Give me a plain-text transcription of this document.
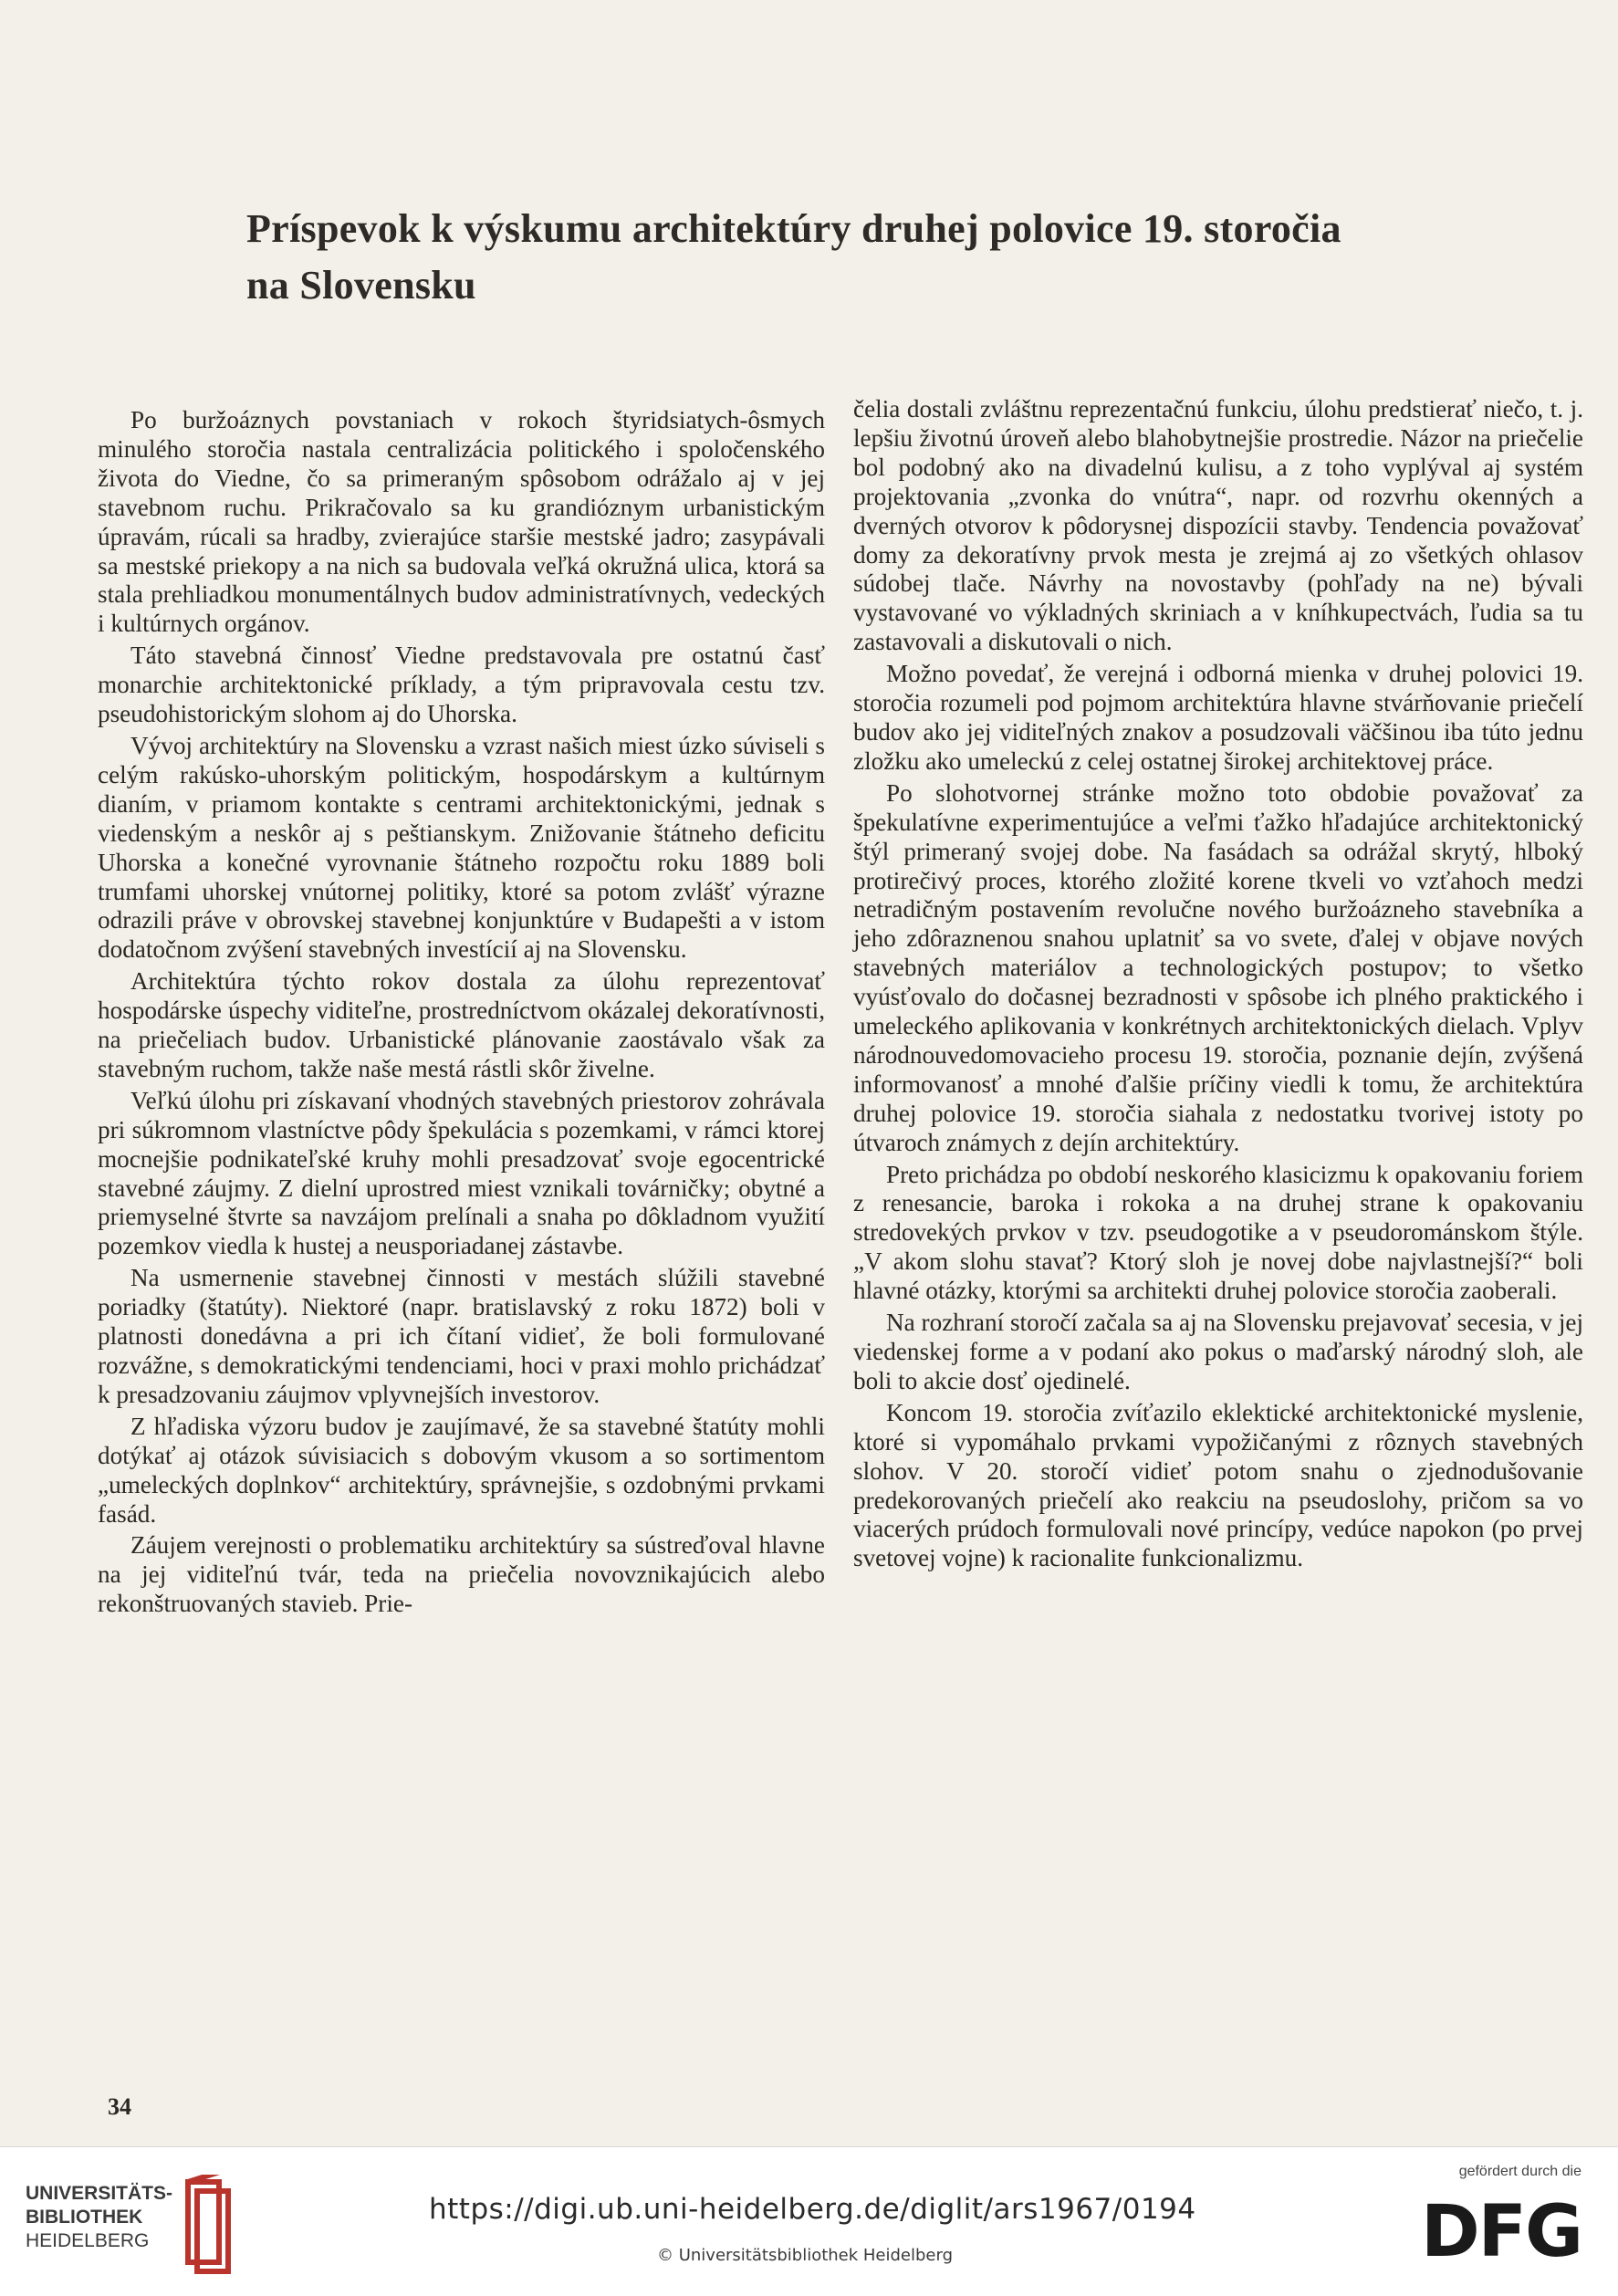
Príspevok k výskumu architektúry druhej polovice 19. storočia
na Slovensku

Po buržoáznych povstaniach v rokoch štyridsiatych-ôsmych minulého storočia nastala centralizácia politického i spoločenského života do Viedne, čo sa primeraným spôsobom odrážalo aj v jej stavebnom ruchu. Prikračovalo sa ku grandióznym urbanistickým úpravám, rúcali sa hradby, zvierajúce staršie mestské jadro; zasypávali sa mestské priekopy a na nich sa budovala veľká okružná ulica, ktorá sa stala prehliadkou monumentálnych budov administratívnych, vedeckých i kultúrnych orgánov.

Táto stavebná činnosť Viedne predstavovala pre ostatnú časť monarchie architektonické príklady, a tým pripravovala cestu tzv. pseudohistorickým slohom aj do Uhorska.

Vývoj architektúry na Slovensku a vzrast našich miest úzko súviseli s celým rakúsko-uhorským politickým, hospodárskym a kultúrnym dianím, v priamom kontakte s centrami architektonickými, jednak s viedenským a neskôr aj s peštianskym. Znižovanie štátneho deficitu Uhorska a konečné vyrovnanie štátneho rozpočtu roku 1889 boli trumfami uhorskej vnútornej politiky, ktoré sa potom zvlášť výrazne odrazili práve v obrovskej stavebnej konjunktúre v Budapešti a v istom dodatočnom zvýšení stavebných investícií aj na Slovensku.

Architektúra týchto rokov dostala za úlohu reprezentovať hospodárske úspechy viditeľne, prostredníctvom okázalej dekoratívnosti, na priečeliach budov. Urbanistické plánovanie zaostávalo však za stavebným ruchom, takže naše mestá rástli skôr živelne.

Veľkú úlohu pri získavaní vhodných stavebných priestorov zohrávala pri súkromnom vlastníctve pôdy špekulácia s pozemkami, v rámci ktorej mocnejšie podnikateľské kruhy mohli presadzovať svoje egocentrické stavebné záujmy. Z dielní uprostred miest vznikali továrničky; obytné a priemyselné štvrte sa navzájom prelínali a snaha po dôkladnom využití pozemkov viedla k hustej a neusporiadanej zástavbe.

Na usmernenie stavebnej činnosti v mestách slúžili stavebné poriadky (štatúty). Niektoré (napr. bratislavský z roku 1872) boli v platnosti donedávna a pri ich čítaní vidieť, že boli formulované rozvážne, s demokratickými tendenciami, hoci v praxi mohlo prichádzať k presadzovaniu záujmov vplyvnejších investorov.

Z hľadiska výzoru budov je zaujímavé, že sa stavebné štatúty mohli dotýkať aj otázok súvisiacich s dobovým vkusom a so sortimentom „umeleckých doplnkov“ architektúry, správnejšie, s ozdobnými prvkami fasád.

Záujem verejnosti o problematiku architektúry sa sústreďoval hlavne na jej viditeľnú tvár, teda na priečelia novovznikajúcich alebo rekonštruovaných stavieb. Prie-

čelia dostali zvláštnu reprezentačnú funkciu, úlohu predstierať niečo, t. j. lepšiu životnú úroveň alebo blahobytnejšie prostredie. Názor na priečelie bol podobný ako na divadelnú kulisu, a z toho vyplýval aj systém projektovania „zvonka do vnútra“, napr. od rozvrhu okenných a dverných otvorov k pôdorysnej dispozícii stavby. Tendencia považovať domy za dekoratívny prvok mesta je zrejmá aj zo všetkých ohlasov súdobej tlače. Návrhy na novostavby (pohľady na ne) bývali vystavované vo výkladných skriniach a v kníhkupectvách, ľudia sa tu zastavovali a diskutovali o nich.

Možno povedať, že verejná i odborná mienka v druhej polovici 19. storočia rozumeli pod pojmom architektúra hlavne stvárňovanie priečelí budov ako jej viditeľných znakov a posudzovali väčšinou iba túto jednu zložku ako umeleckú z celej ostatnej širokej architektovej práce.

Po slohotvornej stránke možno toto obdobie považovať za špekulatívne experimentujúce a veľmi ťažko hľadajúce architektonický štýl primeraný svojej dobe. Na fasádach sa odrážal skrytý, hlboký protirečivý proces, ktorého zložité korene tkveli vo vzťahoch medzi netradičným postavením revolučne nového buržoázneho stavebníka a jeho zdôraznenou snahou uplatniť sa vo svete, ďalej v objave nových stavebných materiálov a technologických postupov; to všetko vyúsťovalo do dočasnej bezradnosti v spôsobe ich plného praktického i umeleckého aplikovania v konkrétnych architektonických dielach. Vplyv národnouvedomovacieho procesu 19. storočia, poznanie dejín, zvýšená informovanosť a mnohé ďalšie príčiny viedli k tomu, že architektúra druhej polovice 19. storočia siahala z nedostatku tvorivej istoty po útvaroch známych z dejín architektúry.

Preto prichádza po období neskorého klasicizmu k opakovaniu foriem z renesancie, baroka i rokoka a na druhej strane k opakovaniu stredovekých prvkov v tzv. pseudogotike a v pseudorománskom štýle. „V akom slohu stavať? Ktorý sloh je novej dobe najvlastnejší?“ boli hlavné otázky, ktorými sa architekti druhej polovice storočia zaoberali.

Na rozhraní storočí začala sa aj na Slovensku prejavovať secesia, v jej viedenskej forme a v podaní ako pokus o maďarský národný sloh, ale boli to akcie dosť ojedinelé.

Koncom 19. storočia zvíťazilo eklektické architektonické myslenie, ktoré si vypomáhalo prvkami vypožičanými z rôznych stavebných slohov. V 20. storočí vidieť potom snahu o zjednodušovanie predekorovaných priečelí ako reakciu na pseudoslohy, pričom sa vo viacerých prúdoch formulovali nové princípy, vedúce napokon (po prvej svetovej vojne) k racionalite funkcionalizmu.

34
UNIVERSITÄTS-
BIBLIOTHEK
HEIDELBERG
https://digi.ub.uni-heidelberg.de/diglit/ars1967/0194
© Universitätsbibliothek Heidelberg
gefördert durch die
DFG
